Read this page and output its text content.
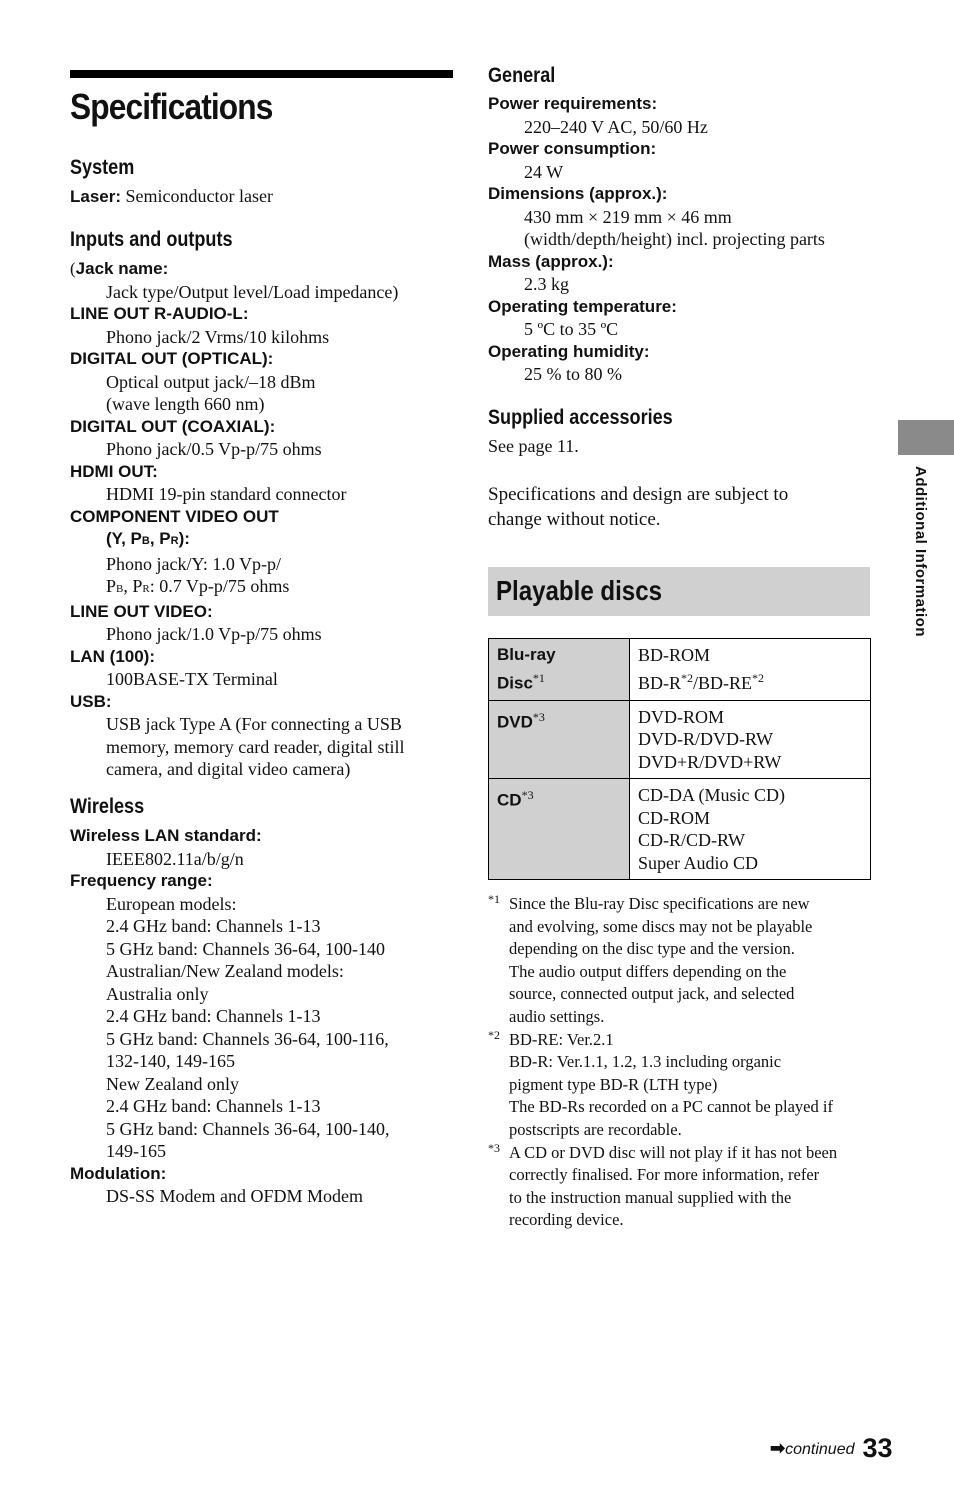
Specifications
System
Laser: Semiconductor laser
Inputs and outputs
(Jack name:
Jack type/Output level/Load impedance)
LINE OUT R-AUDIO-L:
Phono jack/2 Vrms/10 kilohms
DIGITAL OUT (OPTICAL):
Optical output jack/–18 dBm
(wave length 660 nm)
DIGITAL OUT (COAXIAL):
Phono jack/0.5 Vp-p/75 ohms
HDMI OUT:
HDMI 19-pin standard connector
COMPONENT VIDEO OUT
(Y, PB, PR):
Phono jack/Y: 1.0 Vp-p/
PB, PR: 0.7 Vp-p/75 ohms
LINE OUT VIDEO:
Phono jack/1.0 Vp-p/75 ohms
LAN (100):
100BASE-TX Terminal
USB:
USB jack Type A (For connecting a USB
memory, memory card reader, digital still
camera, and digital video camera)
Wireless
Wireless LAN standard:
IEEE802.11a/b/g/n
Frequency range:
European models:
2.4 GHz band: Channels 1-13
5 GHz band: Channels 36-64, 100-140
Australian/New Zealand models:
Australia only
2.4 GHz band: Channels 1-13
5 GHz band: Channels 36-64, 100-116,
132-140, 149-165
New Zealand only
2.4 GHz band: Channels 1-13
5 GHz band: Channels 36-64, 100-140,
149-165
Modulation:
DS-SS Modem and OFDM Modem
General
Power requirements:
220–240 V AC, 50/60 Hz
Power consumption:
24 W
Dimensions (approx.):
430 mm × 219 mm × 46 mm
(width/depth/height) incl. projecting parts
Mass (approx.):
2.3 kg
Operating temperature:
5 ºC to 35 ºC
Operating humidity:
25 % to 80 %
Supplied accessories
See page 11.
Specifications and design are subject to
change without notice.
Playable discs
Blu-ray
Disc$^{*1}$	BD-ROM
$BD-R^{*2}/BD-RE^{*2}$
DVD$^{*3}$	DVD-ROM
DVD-R/DVD-RW
DVD+R/DVD+RW

CD$^{*3}$	CD-DA (Music CD)
CD-ROM
CD-R/CD-RW
Super Audio CD
*1 Since the Blu-ray Disc specifications are new
and evolving, some discs may not be playable
depending on the disc type and the version.
The audio output differs depending on the
source, connected output jack, and selected
audio settings.
*2 BD-RE: Ver.2.1
BD-R: Ver.1.1, 1.2, 1.3 including organic
pigment type BD-R (LTH type)
The BD-Rs recorded on a PC cannot be played if
postscripts are recordable.
*3 A CD or DVD disc will not play if it has not been
correctly finalised. For more information, refer
to the instruction manual supplied with the
recording device.
Additional Information
➡continued 33
